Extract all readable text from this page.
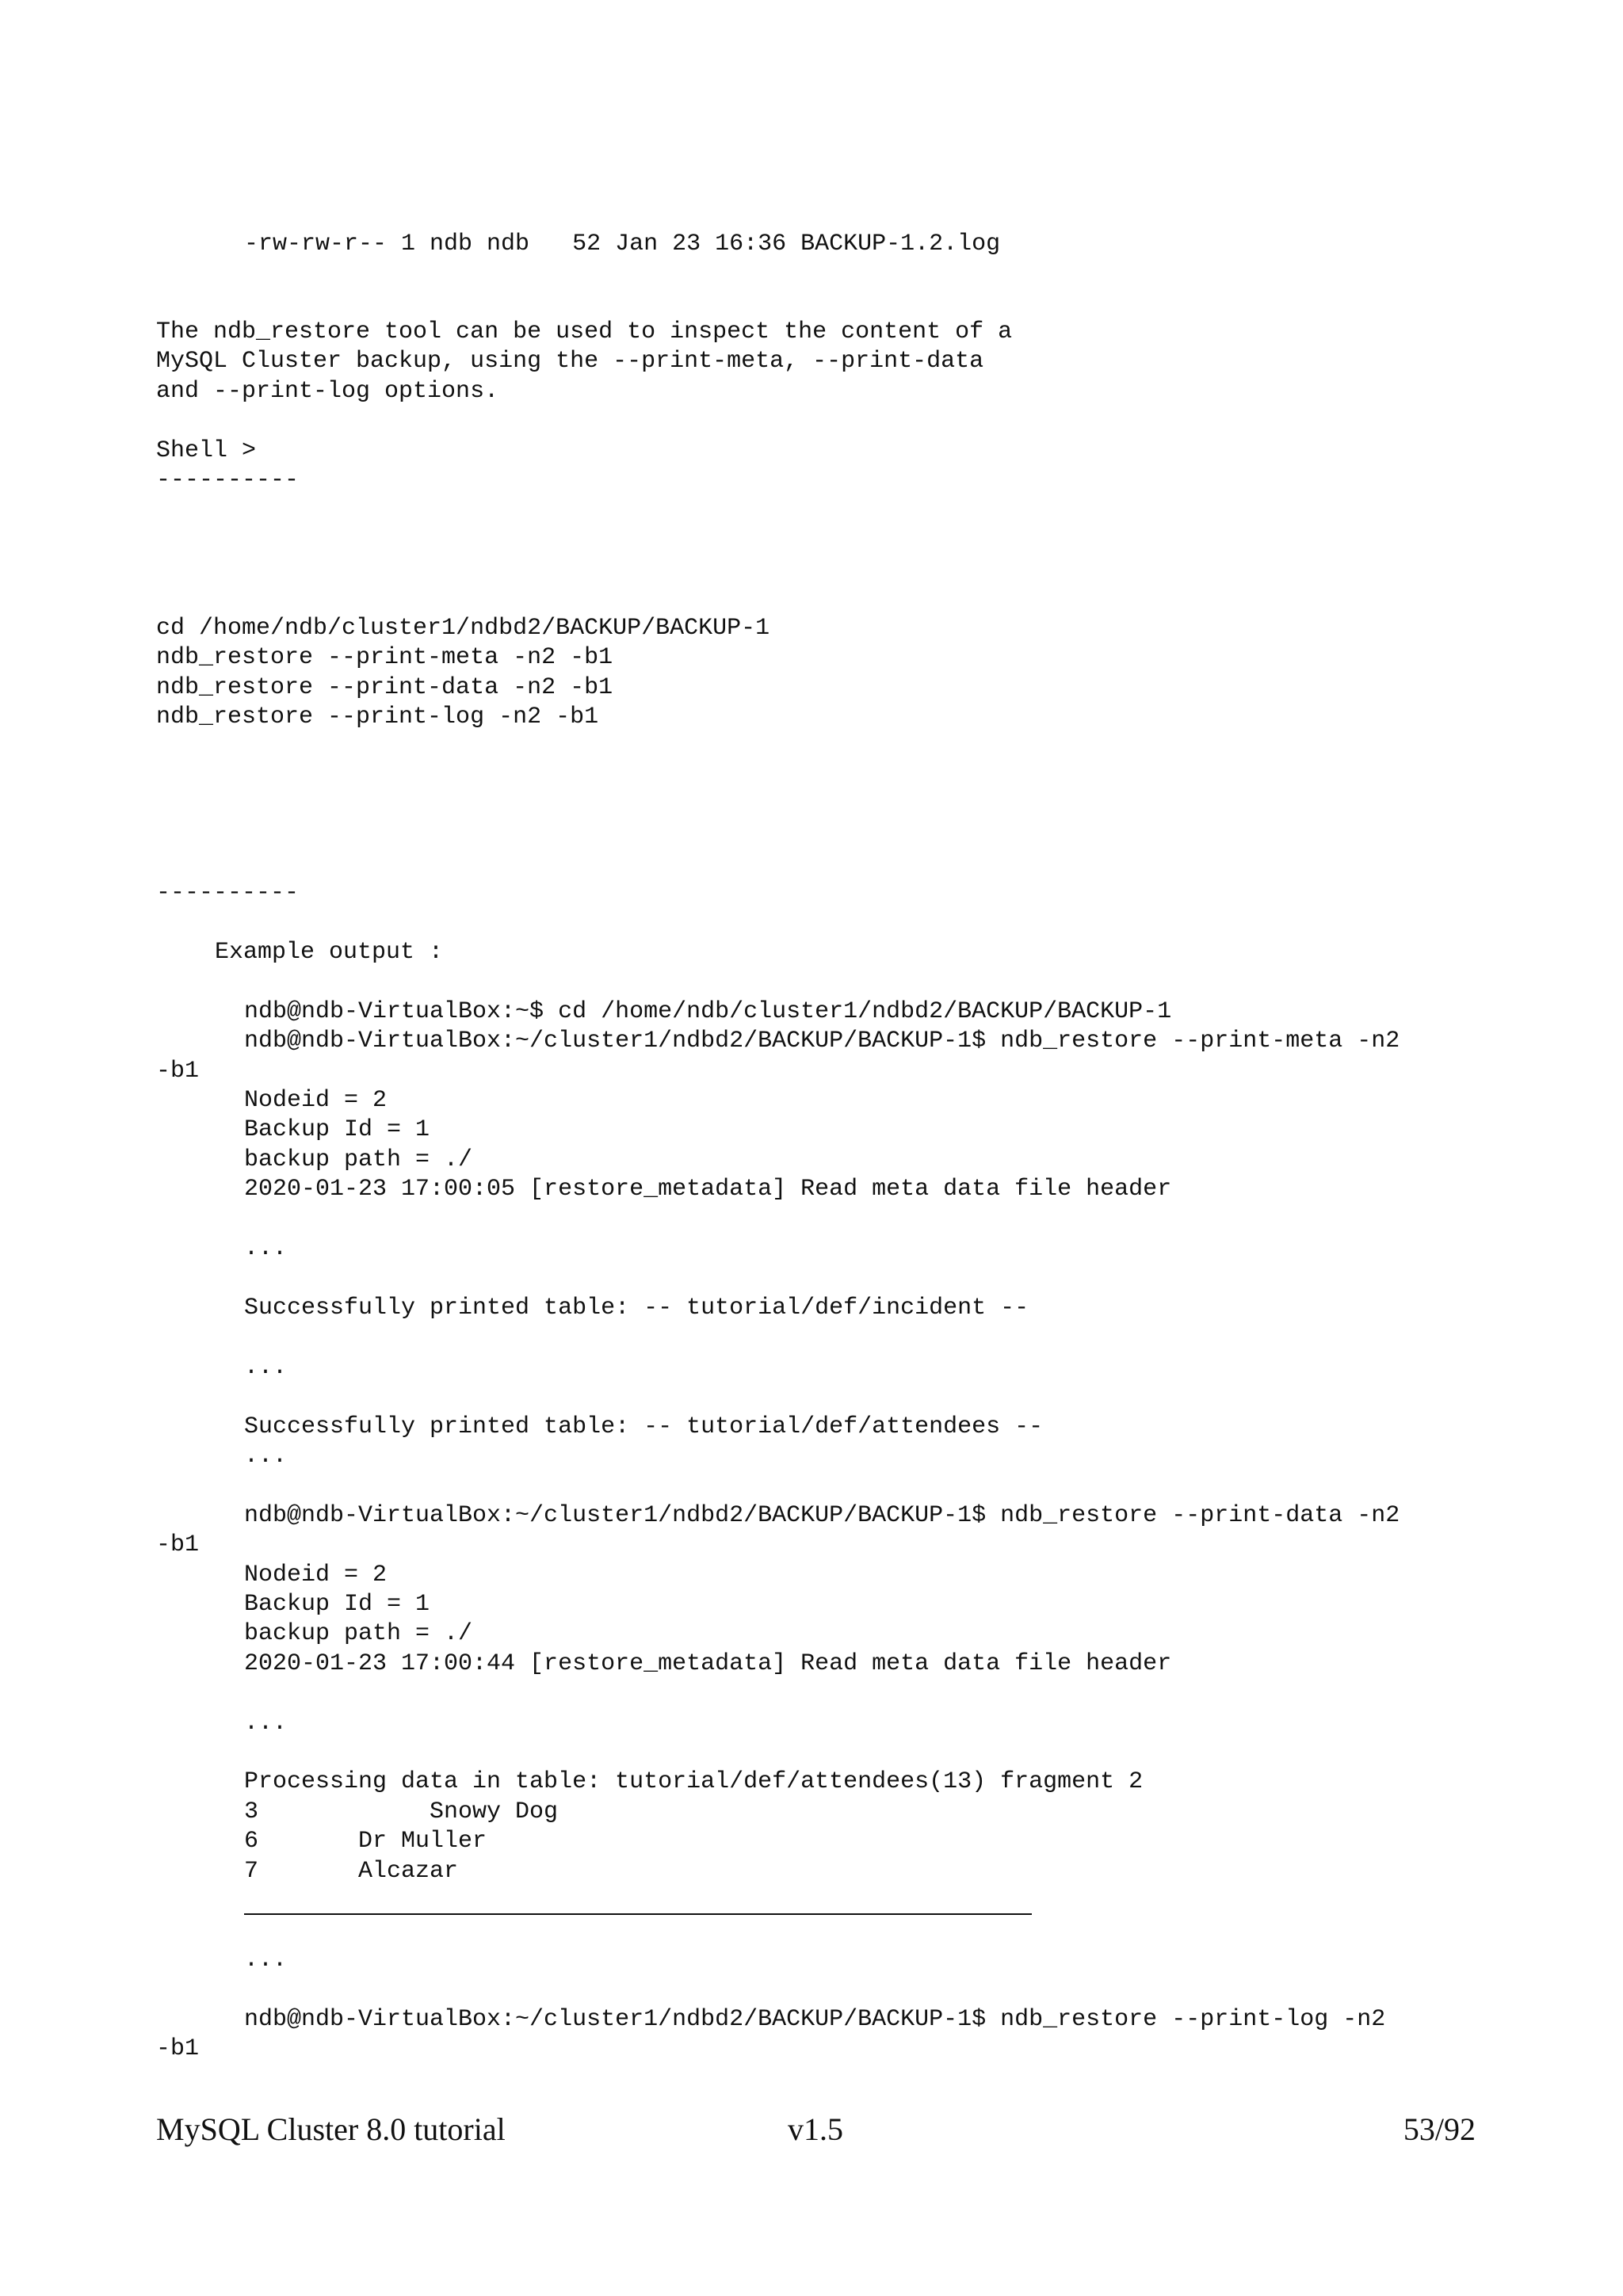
-rw-rw-r-- 1 ndb ndb   52 Jan 23 16:36 BACKUP-1.2.log
The ndb_restore tool can be used to inspect the content of a
MySQL Cluster backup, using the --print-meta, --print-data
and --print-log options.

Shell >
----------
cd /home/ndb/cluster1/ndbd2/BACKUP/BACKUP-1
ndb_restore --print-meta -n2 -b1
ndb_restore --print-data -n2 -b1
ndb_restore --print-log -n2 -b1
----------
Example output :

ndb@ndb-VirtualBox:~$ cd /home/ndb/cluster1/ndbd2/BACKUP/BACKUP-1
ndb@ndb-VirtualBox:~/cluster1/ndbd2/BACKUP/BACKUP-1$ ndb_restore --print-meta -n2
-b1
Nodeid = 2
Backup Id = 1
backup path = ./
2020-01-23 17:00:05 [restore_metadata] Read meta data file header

...

Successfully printed table: -- tutorial/def/incident --

...

Successfully printed table: -- tutorial/def/attendees --
...

ndb@ndb-VirtualBox:~/cluster1/ndbd2/BACKUP/BACKUP-1$ ndb_restore --print-data -n2
-b1
Nodeid = 2
Backup Id = 1
backup path = ./
2020-01-23 17:00:44 [restore_metadata] Read meta data file header

...

Processing data in table: tutorial/def/attendees(13) fragment 2
3            Snowy Dog
6       Dr Muller
7       Alcazar

...

ndb@ndb-VirtualBox:~/cluster1/ndbd2/BACKUP/BACKUP-1$ ndb_restore --print-log -n2
-b1
MySQL Cluster 8.0 tutorial	v1.5	53/92
